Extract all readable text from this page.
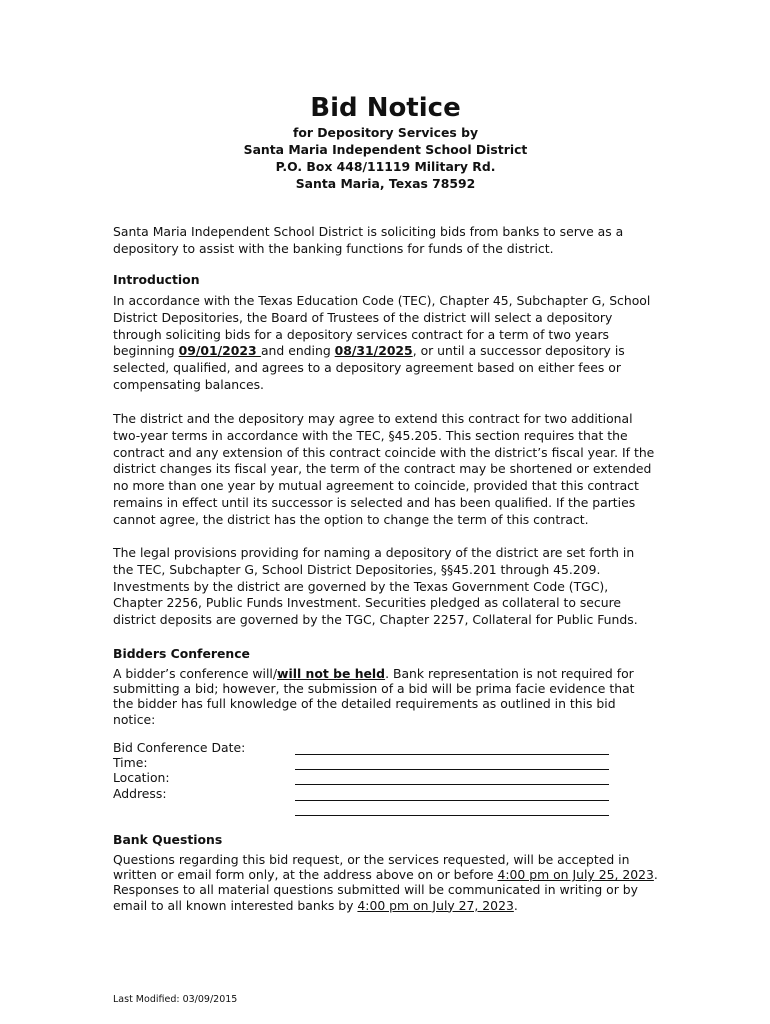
Bid Notice
for Depository Services by
Santa Maria Independent School District
P.O. Box 448/11119 Military Rd.
Santa Maria, Texas 78592

Santa Maria Independent School District is soliciting bids from banks to serve as a depository to assist with the banking functions for funds of the district.

Introduction

In accordance with the Texas Education Code (TEC), Chapter 45, Subchapter G, School District Depositories, the Board of Trustees of the district will select a depository through soliciting bids for a depository services contract for a term of two years beginning 09/01/2023 and ending 08/31/2025, or until a successor depository is selected, qualified, and agrees to a depository agreement based on either fees or compensating balances.

The district and the depository may agree to extend this contract for two additional two-year terms in accordance with the TEC, §45.205. This section requires that the contract and any extension of this contract coincide with the district’s fiscal year. If the district changes its fiscal year, the term of the contract may be shortened or extended no more than one year by mutual agreement to coincide, provided that this contract remains in effect until its successor is selected and has been qualified. If the parties cannot agree, the district has the option to change the term of this contract.

The legal provisions providing for naming a depository of the district are set forth in the TEC, Subchapter G, School District Depositories, §§45.201 through 45.209. Investments by the district are governed by the Texas Government Code (TGC), Chapter 2256, Public Funds Investment. Securities pledged as collateral to secure district deposits are governed by the TGC, Chapter 2257, Collateral for Public Funds.

Bidders Conference

A bidder’s conference will/will not be held. Bank representation is not required for submitting a bid; however, the submission of a bid will be prima facie evidence that the bidder has full knowledge of the detailed requirements as outlined in this bid notice:

Bid Conference Date:
Time:
Location:
Address:

Bank Questions

Questions regarding this bid request, or the services requested, will be accepted in written or email form only, at the address above on or before 4:00 pm on July 25, 2023. Responses to all material questions submitted will be communicated in writing or by email to all known interested banks by 4:00 pm on July 27, 2023.

Last Modified: 03/09/2015
